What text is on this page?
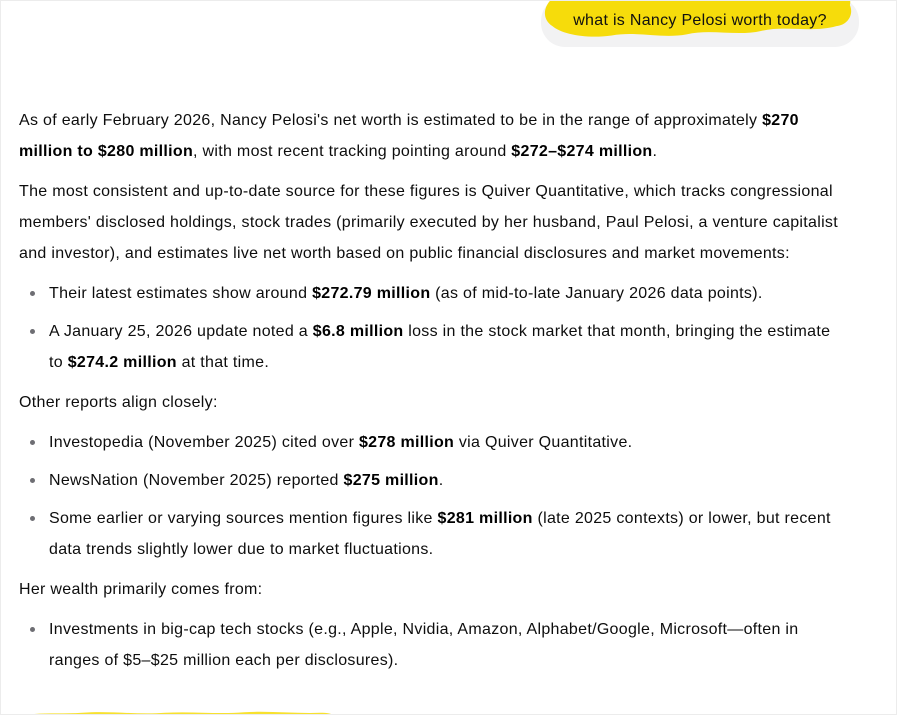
what is Nancy Pelosi worth today?

As of early February 2026, Nancy Pelosi's net worth is estimated to be in the range of approximately $270 million to $280 million, with most recent tracking pointing around $272–$274 million.

The most consistent and up-to-date source for these figures is Quiver Quantitative, which tracks congressional members' disclosed holdings, stock trades (primarily executed by her husband, Paul Pelosi, a venture capitalist and investor), and estimates live net worth based on public financial disclosures and market movements:

Their latest estimates show around $272.79 million (as of mid-to-late January 2026 data points).
A January 25, 2026 update noted a $6.8 million loss in the stock market that month, bringing the estimate to $274.2 million at that time.

Other reports align closely:

Investopedia (November 2025) cited over $278 million via Quiver Quantitative.
NewsNation (November 2025) reported $275 million.
Some earlier or varying sources mention figures like $281 million (late 2025 contexts) or lower, but recent data trends slightly lower due to market fluctuations.

Her wealth primarily comes from:

Investments in big-cap tech stocks (e.g., Apple, Nvidia, Amazon, Alphabet/Google, Microsoft—often in ranges of $5–$25 million each per disclosures).
